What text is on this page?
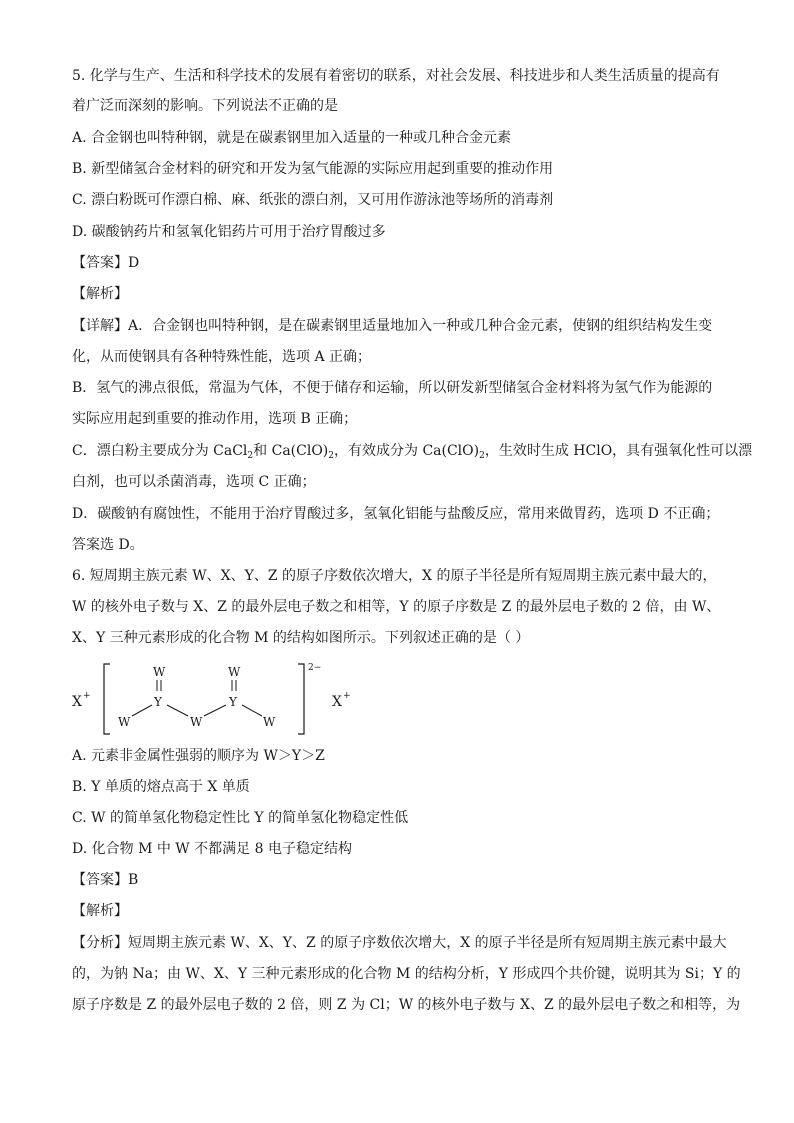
5. 化学与生产、生活和科学技术的发展有着密切的联系，对社会发展、科技进步和人类生活质量的提高有
着广泛而深刻的影响。下列说法不正确的是
A. 合金钢也叫特种钢，就是在碳素钢里加入适量的一种或几种合金元素
B. 新型储氢合金材料的研究和开发为氢气能源的实际应用起到重要的推动作用
C. 漂白粉既可作漂白棉、麻、纸张的漂白剂，又可用作游泳池等场所的消毒剂
D. 碳酸钠药片和氢氧化铝药片可用于治疗胃酸过多
【答案】D
【解析】
【详解】A．合金钢也叫特种钢，是在碳素钢里适量地加入一种或几种合金元素，使钢的组织结构发生变
化，从而使钢具有各种特殊性能，选项 A 正确；
B．氢气的沸点很低，常温为气体，不便于储存和运输，所以研发新型储氢合金材料将为氢气作为能源的
实际应用起到重要的推动作用，选项 B 正确；
C．漂白粉主要成分为 CaCl$_2$和 $Ca(ClO)_2$，有效成分为 $Ca(ClO)_2$，生效时生成 HClO，具有强氧化性可以漂
白剂，也可以杀菌消毒，选项 C 正确；
D．碳酸钠有腐蚀性，不能用于治疗胃酸过多，氢氧化铝能与盐酸反应，常用来做胃药，选项 D 不正确；
答案选 D。
6. 短周期主族元素 W、X、Y、Z 的原子序数依次增大，X 的原子半径是所有短周期主族元素中最大的，
W 的核外电子数与 X、Z 的最外层电子数之和相等，Y 的原子序数是 Z 的最外层电子数的 2 倍，由 W、
X、Y 三种元素形成的化合物 M 的结构如图所示。下列叙述正确的是（ ）
X +
2−
X +
W	W
Y	Y
W	W	W
A. 元素非金属性强弱的顺序为 W＞Y＞Z
B. Y 单质的熔点高于 X 单质
C. W 的简单氢化物稳定性比 Y 的简单氢化物稳定性低
D. 化合物 M 中 W 不都满足 8 电子稳定结构
【答案】B
【解析】
【分析】短周期主族元素 W、X、Y、Z 的原子序数依次增大，X 的原子半径是所有短周期主族元素中最大
的，为钠 Na；由 W、X、Y 三种元素形成的化合物 M 的结构分析，Y 形成四个共价键，说明其为 Si；Y 的
原子序数是 Z 的最外层电子数的 2 倍，则 Z 为 Cl；W 的核外电子数与 X、Z 的最外层电子数之和相等，为
